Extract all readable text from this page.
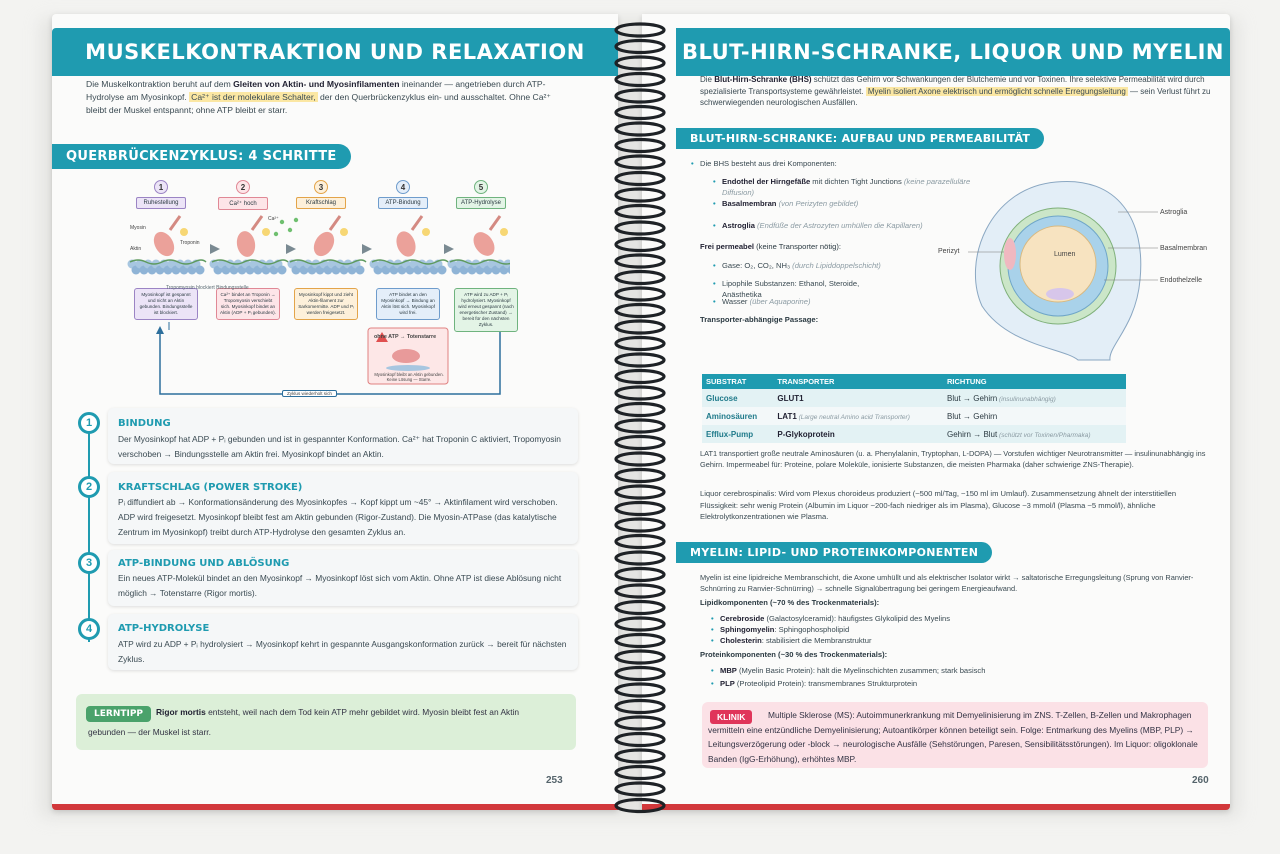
MUSKELKONTRAKTION UND RELAXATION
253
Die Muskelkontraktion beruht auf dem Gleiten von Aktin- und Myosinfilamenten ineinander — angetrieben durch ATP-Hydrolyse am Myosinkopf. Ca²⁺ ist der molekulare Schalter, der den Querbrückenzyklus ein- und ausschaltet. Ohne Ca²⁺ bleibt der Muskel entspannt; ohne ATP bleibt er starr.
QUERBRÜCKENZYKLUS: 4 SCHRITTE
1
Ruhestellung
Myosinkopf ist gespannt und nicht an Aktin gebunden. Bindungsstelle ist blockiert.
2
Ca²⁺ hoch
Ca²⁺ bindet an Troponin → Tropomyosin verschiebt sich. Myosinkopf bindet an Aktin (ADP + Pᵢ gebunden).
3
Kraftschlag
Myosinkopf kippt und zieht Aktin-filament zur Sarkomermitte. ADP und Pᵢ werden freigesetzt.
4
ATP-Bindung
ATP bindet an den Myosinkopf → Bindung an Aktin löst sich. Myosinkopf wird frei.
5
ATP-Hydrolyse
ATP wird zu ADP + Pᵢ hydrolysiert. Myosinkopf wird erneut gespannt (nach energetischer Zustand) → bereit für den nächsten Zyklus.
Tropomyosin blockiert Bindungsstelle
Myosin
Aktin
Troponin
Ca²⁺
ohne ATP → Totenstarre
Myosinkopf bleibt an Aktin gebunden. Keine Lösung — Starre.
Zyklus wiederholt sich
1	BINDUNG
Der Myosinkopf hat ADP + Pᵢ gebunden und ist in gespannter Konformation. Ca²⁺ hat Troponin C aktiviert, Tropomyosin verschoben → Bindungsstelle am Aktin frei. Myosinkopf bindet an Aktin.
2	KRAFTSCHLAG (POWER STROKE)
Pᵢ diffundiert ab → Konformationsänderung des Myosinkopfes → Kopf kippt um ~45° → Aktinfilament wird verschoben. ADP wird freigesetzt. Myosinkopf bleibt fest am Aktin gebunden (Rigor-Zustand). Die Myosin-ATPase (das katalytische Zentrum im Myosinkopf) treibt durch ATP-Hydrolyse den gesamten Zyklus an.
3	ATP-BINDUNG UND ABLÖSUNG
Ein neues ATP-Molekül bindet an den Myosinkopf → Myosinkopf löst sich vom Aktin. Ohne ATP ist diese Ablösung nicht möglich → Totenstarre (Rigor mortis).
4	ATP-HYDROLYSE
ATP wird zu ADP + Pᵢ hydrolysiert → Myosinkopf kehrt in gespannte Ausgangskonformation zurück → bereit für nächsten Zyklus.
LERNTIPP	Rigor mortis entsteht, weil nach dem Tod kein ATP mehr gebildet wird. Myosin bleibt fest an Aktin
gebunden — der Muskel ist starr.
BLUT-HIRN-SCHRANKE, LIQUOR UND MYELIN
260
Die Blut-Hirn-Schranke (BHS) schützt das Gehirn vor Schwankungen der Blutchemie und vor Toxinen. Ihre selektive Permeabilität wird durch spezialisierte Transportsysteme gewährleistet. Myelin isoliert Axone elektrisch und ermöglicht schnelle Erregungsleitung — sein Verlust führt zu schwerwiegenden neurologischen Ausfällen.
BLUT-HIRN-SCHRANKE: AUFBAU UND PERMEABILITÄT
• Die BHS besteht aus drei Komponenten:
• Endothel der Hirngefäße mit dichten Tight Junctions (keine parazelluläre Diffusion)
• Basalmembran (von Perizyten gebildet)
• Astroglia (Endfüße der Astrozyten umhüllen die Kapillaren)
Frei permeabel (keine Transporter nötig):
• Gase: O₂, CO₂, NH₃ (durch Lipiddoppelschicht)
• Lipophile Substanzen: Ethanol, Steroide, Anästhetika
• Wasser (über Aquaporine)
Transporter-abhängige Passage:
Astroglia
Perizyt	Lumen
Basalmembran
Endothelzelle
SUBSTRAT	TRANSPORTER	RICHTUNG
Glucose	GLUT1	Blut → Gehirn (insulinunabhängig)
Aminosäuren	LAT1 (Large neutral Amino acid Transporter)	Blut → Gehirn
Efflux-Pump	P-Glykoprotein	Gehirn → Blut (schützt vor Toxinen/Pharmaka)
LAT1 transportiert große neutrale Aminosäuren (u. a. Phenylalanin, Tryptophan, L-DOPA) — Vorstufen wichtiger Neurotransmitter — insulinunabhängig ins Gehirn. Impermeabel für: Proteine, polare Moleküle, ionisierte Substanzen, die meisten Pharmaka (daher schwierige ZNS-Therapie).
Liquor cerebrospinalis: Wird vom Plexus choroideus produziert (~500 ml/Tag, ~150 ml im Umlauf). Zusammensetzung ähnelt der interstitiellen Flüssigkeit: sehr wenig Protein (Albumin im Liquor ~200-fach niedriger als im Plasma), Glucose ~3 mmol/l (Plasma ~5 mmol/l), ähnliche Elektrolytkonzentrationen wie Plasma.
MYELIN: LIPID- UND PROTEINKOMPONENTEN
Myelin ist eine lipidreiche Membranschicht, die Axone umhüllt und als elektrischer Isolator wirkt → saltatorische Erregungsleitung (Sprung von Ranvier-Schnürring zu Ranvier-Schnürring) → schnelle Signalübertragung bei geringem Energieaufwand.
Lipidkomponenten (~70 % des Trockenmaterials):
• Cerebroside (Galactosylceramid): häufigstes Glykolipid des Myelins
• Sphingomyelin: Sphingophospholipid
• Cholesterin: stabilisiert die Membranstruktur
Proteinkomponenten (~30 % des Trockenmaterials):
• MBP (Myelin Basic Protein): hält die Myelinschichten zusammen; stark basisch
• PLP (Proteolipid Protein): transmembranes Strukturprotein
Multiple Sklerose (MS): Autoimmunerkrankung mit Demyelinisierung im ZNS. T-Zellen, B-Zellen und Makrophagen vermitteln eine entzündliche Demyelinisierung; Autoantikörper können beteiligt sein. Folge: Entmarkung des Myelins (MBP, PLP) → Leitungsverzögerung oder -block → neurologische Ausfälle (Sehstörungen, Paresen, Sensibilitätsstörungen). Im Liquor: oligoklonale Banden (IgG-Erhöhung), erhöhtes MBP.
KLINIK
